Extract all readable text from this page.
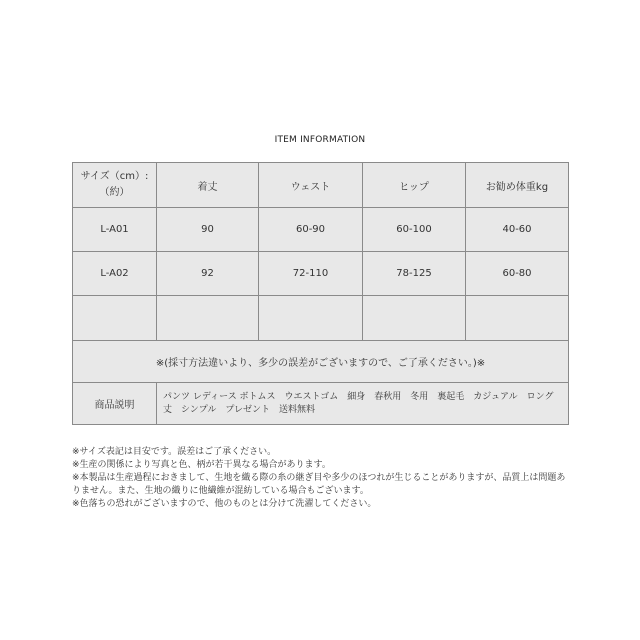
ITEM INFORMATION
サイズ（cm）:（約）	着丈	ウェスト	ヒップ	お勧め体重kg
L-A01	90	60-90	60-100	40-60
L-A02	92	72-110	78-125	60-80

※(採寸方法違いより、多少の誤差がございますので、ご了承ください。)※				
商品説明	パンツ レディース ボトムス　ウエストゴム　細身　春秋用　冬用　裏起毛　カジュアル　ロング丈　シンプル　プレゼント　送料無料			
※サイズ表記は目安です。誤差はご了承ください。
※生産の関係により写真と色、柄が若干異なる場合があります。
※本製品は生産過程におきまして、生地を織る際の糸の継ぎ目や多少のほつれが生じることがありますが、品質上は問題ありません。また、生地の織りに他繊維が混紡している場合もございます。
※色落ちの恐れがございますので、他のものとは分けて洗濯してください。
